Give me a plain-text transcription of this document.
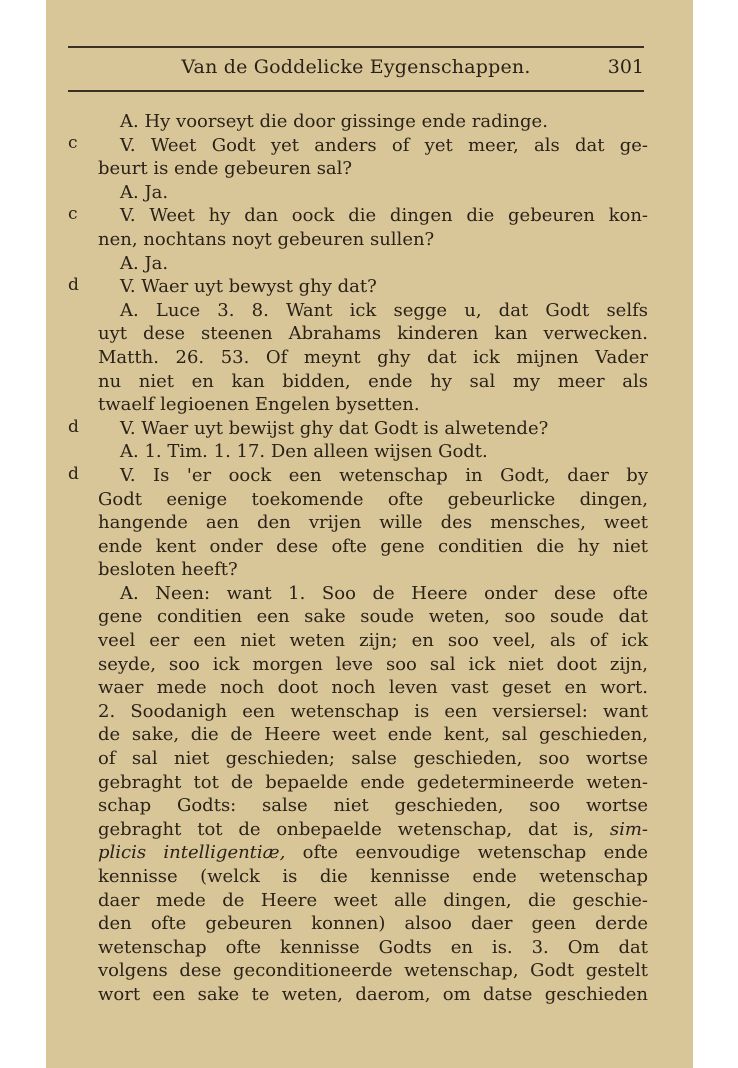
Van de Goddelicke Eygenschappen.	301
c
c
d
d
d
A. Hy voorseyt die door gissinge ende radinge.
V. Weet Godt yet anders of yet meer, als dat ge-
beurt is ende gebeuren sal?
A. Ja.
V. Weet hy dan oock die dingen die gebeuren kon-
nen, nochtans noyt gebeuren sullen?
A. Ja.
V. Waer uyt bewyst ghy dat?
A. Luce 3. 8. Want ick segge u, dat Godt selfs
uyt dese steenen Abrahams kinderen kan verwecken.
Matth. 26. 53. Of meynt ghy dat ick mijnen Vader
nu niet en kan bidden, ende hy sal my meer als
twaelf legioenen Engelen bysetten.
V. Waer uyt bewijst ghy dat Godt is alwetende?
A. 1. Tim. 1. 17. Den alleen wijsen Godt.
V. Is 'er oock een wetenschap in Godt, daer by
Godt eenige toekomende ofte gebeurlicke dingen,
hangende aen den vrijen wille des mensches, weet
ende kent onder dese ofte gene conditien die hy niet
besloten heeft?
A. Neen: want 1. Soo de Heere onder dese ofte
gene conditien een sake soude weten, soo soude dat
veel eer een niet weten zijn; en soo veel, als of ick
seyde, soo ick morgen leve soo sal ick niet doot zijn,
waer mede noch doot noch leven vast geset en wort.
2. Soodanigh een wetenschap is een versiersel: want
de sake, die de Heere weet ende kent, sal geschieden,
of sal niet geschieden; salse geschieden, soo wortse
gebraght tot de bepaelde ende gedetermineerde weten-
schap Godts: salse niet geschieden, soo wortse
gebraght tot de onbepaelde wetenschap, dat is, sim-
plicis intelligentiæ, ofte eenvoudige wetenschap ende
kennisse (welck is die kennisse ende wetenschap
daer mede de Heere weet alle dingen, die geschie-
den ofte gebeuren konnen) alsoo daer geen derde
wetenschap ofte kennisse Godts en is. 3. Om dat
volgens dese geconditioneerde wetenschap, Godt gestelt
wort een sake te weten, daerom, om datse geschieden
